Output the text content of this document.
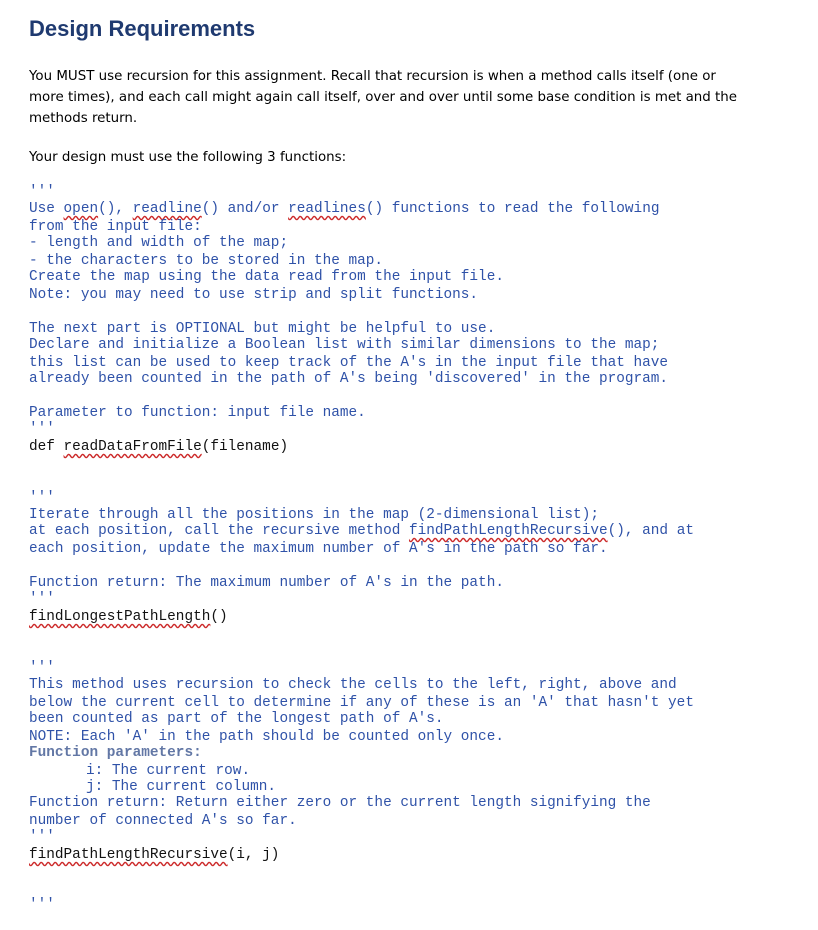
Design Requirements

You MUST use recursion for this assignment. Recall that recursion is when a method calls itself (one or more times), and each call might again call itself, over and over until some base condition is met and the methods return.

Your design must use the following 3 functions:

'''
Use open(), readline() and/or readlines() functions to read the following
from the input file:
- length and width of the map;
- the characters to be stored in the map.
Create the map using the data read from the input file.
Note: you may need to use strip and split functions.
The next part is OPTIONAL but might be helpful to use.
Declare and initialize a Boolean list with similar dimensions to the map;
this list can be used to keep track of the A's in the input file that have
already been counted in the path of A's being 'discovered' in the program.
Parameter to function: input file name.
'''
def readDataFromFile(filename)
'''
Iterate through all the positions in the map (2-dimensional list);
at each position, call the recursive method findPathLengthRecursive(), and at
each position, update the maximum number of A's in the path so far.
Function return: The maximum number of A's in the path.
'''
findLongestPathLength()
'''
This method uses recursion to check the cells to the left, right, above and
below the current cell to determine if any of these is an 'A' that hasn't yet
been counted as part of the longest path of A's.
NOTE: Each 'A' in the path should be counted only once.
Function parameters:
i: The current row.
j: The current column.
Function return: Return either zero or the current length signifying the
number of connected A's so far.
'''
findPathLengthRecursive(i, j)
'''
